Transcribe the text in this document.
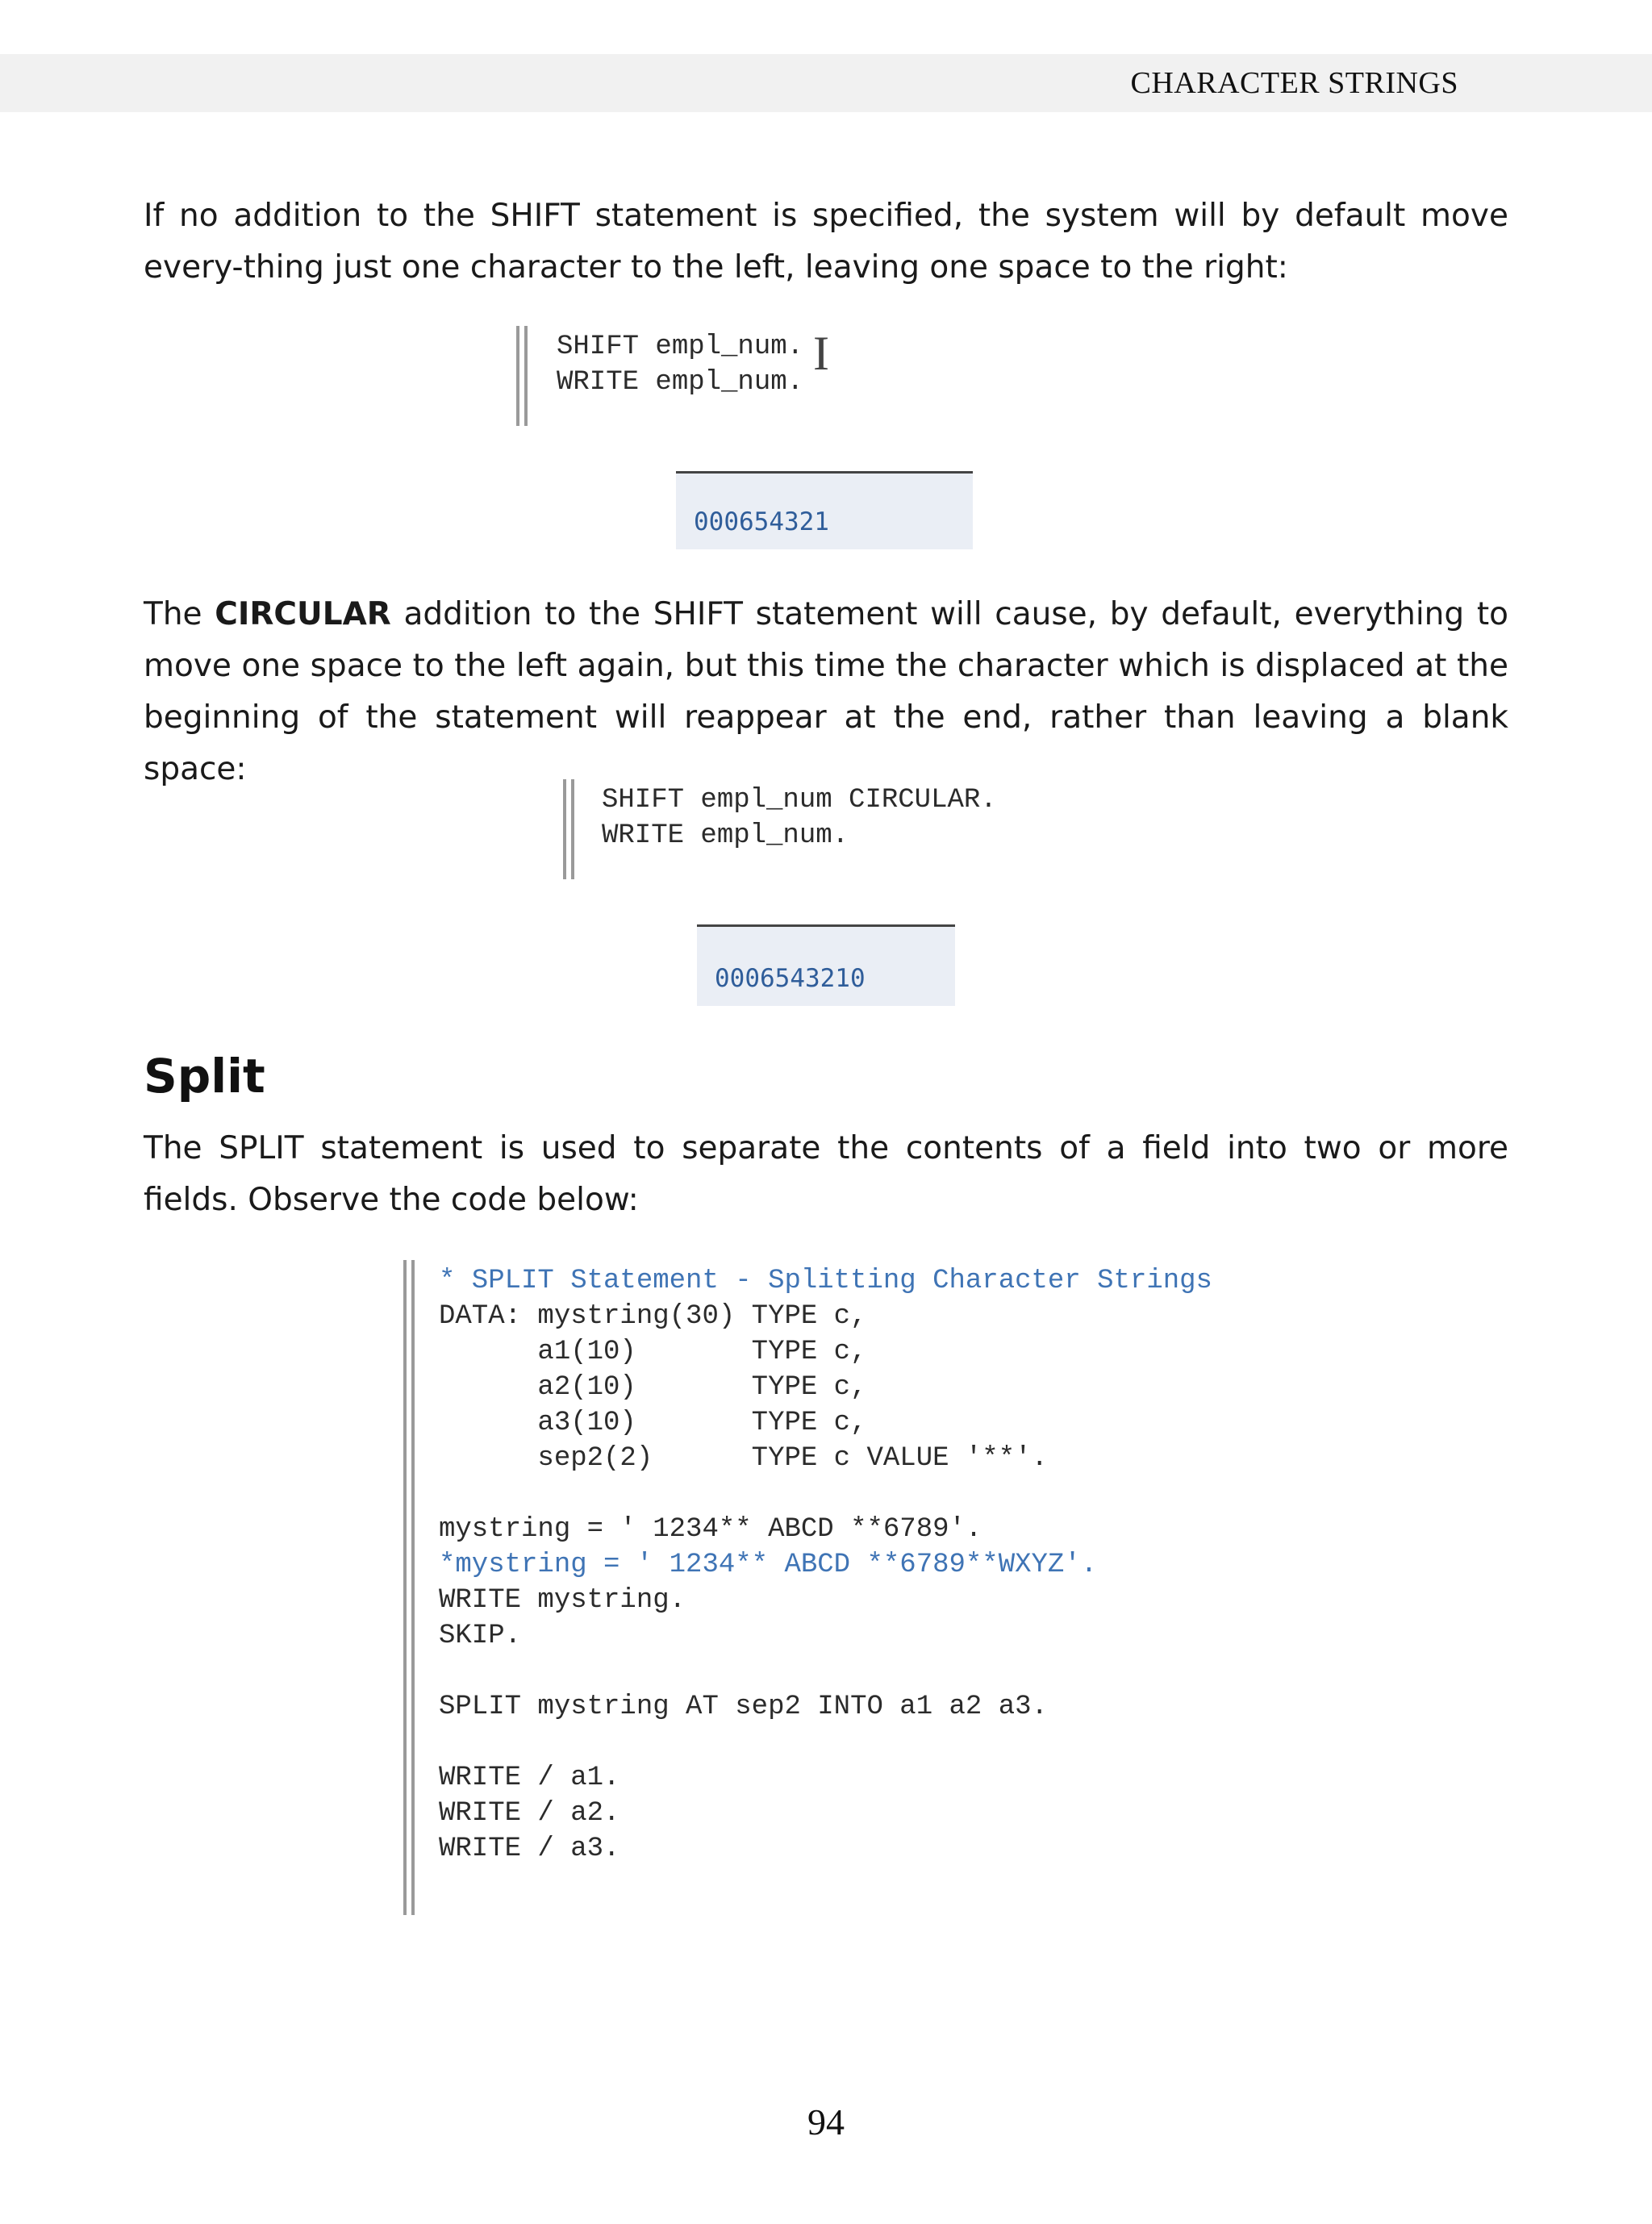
CHARACTER STRINGS

If no addition to the SHIFT statement is specified, the system will by default move every-thing just one character to the left, leaving one space to the right:

SHIFT empl_num.
WRITE empl_num.
I
000654321

The CIRCULAR addition to the SHIFT statement will cause, by default, everything to move one space to the left again, but this time the character which is displaced at the beginning of the statement will reappear at the end, rather than leaving a blank space:

SHIFT empl_num CIRCULAR.
WRITE empl_num.
0006543210
Split

The SPLIT statement is used to separate the contents of a field into two or more fields. Observe the code below:

* SPLIT Statement - Splitting Character Strings
DATA: mystring(30) TYPE c,
a1(10)       TYPE c,
a2(10)       TYPE c,
a3(10)       TYPE c,
sep2(2)      TYPE c VALUE '**'.
mystring = ' 1234** ABCD **6789'.
*mystring = ' 1234** ABCD **6789**WXYZ'.
WRITE mystring.
SKIP.
SPLIT mystring AT sep2 INTO a1 a2 a3.
WRITE / a1.
WRITE / a2.
WRITE / a3.
94
